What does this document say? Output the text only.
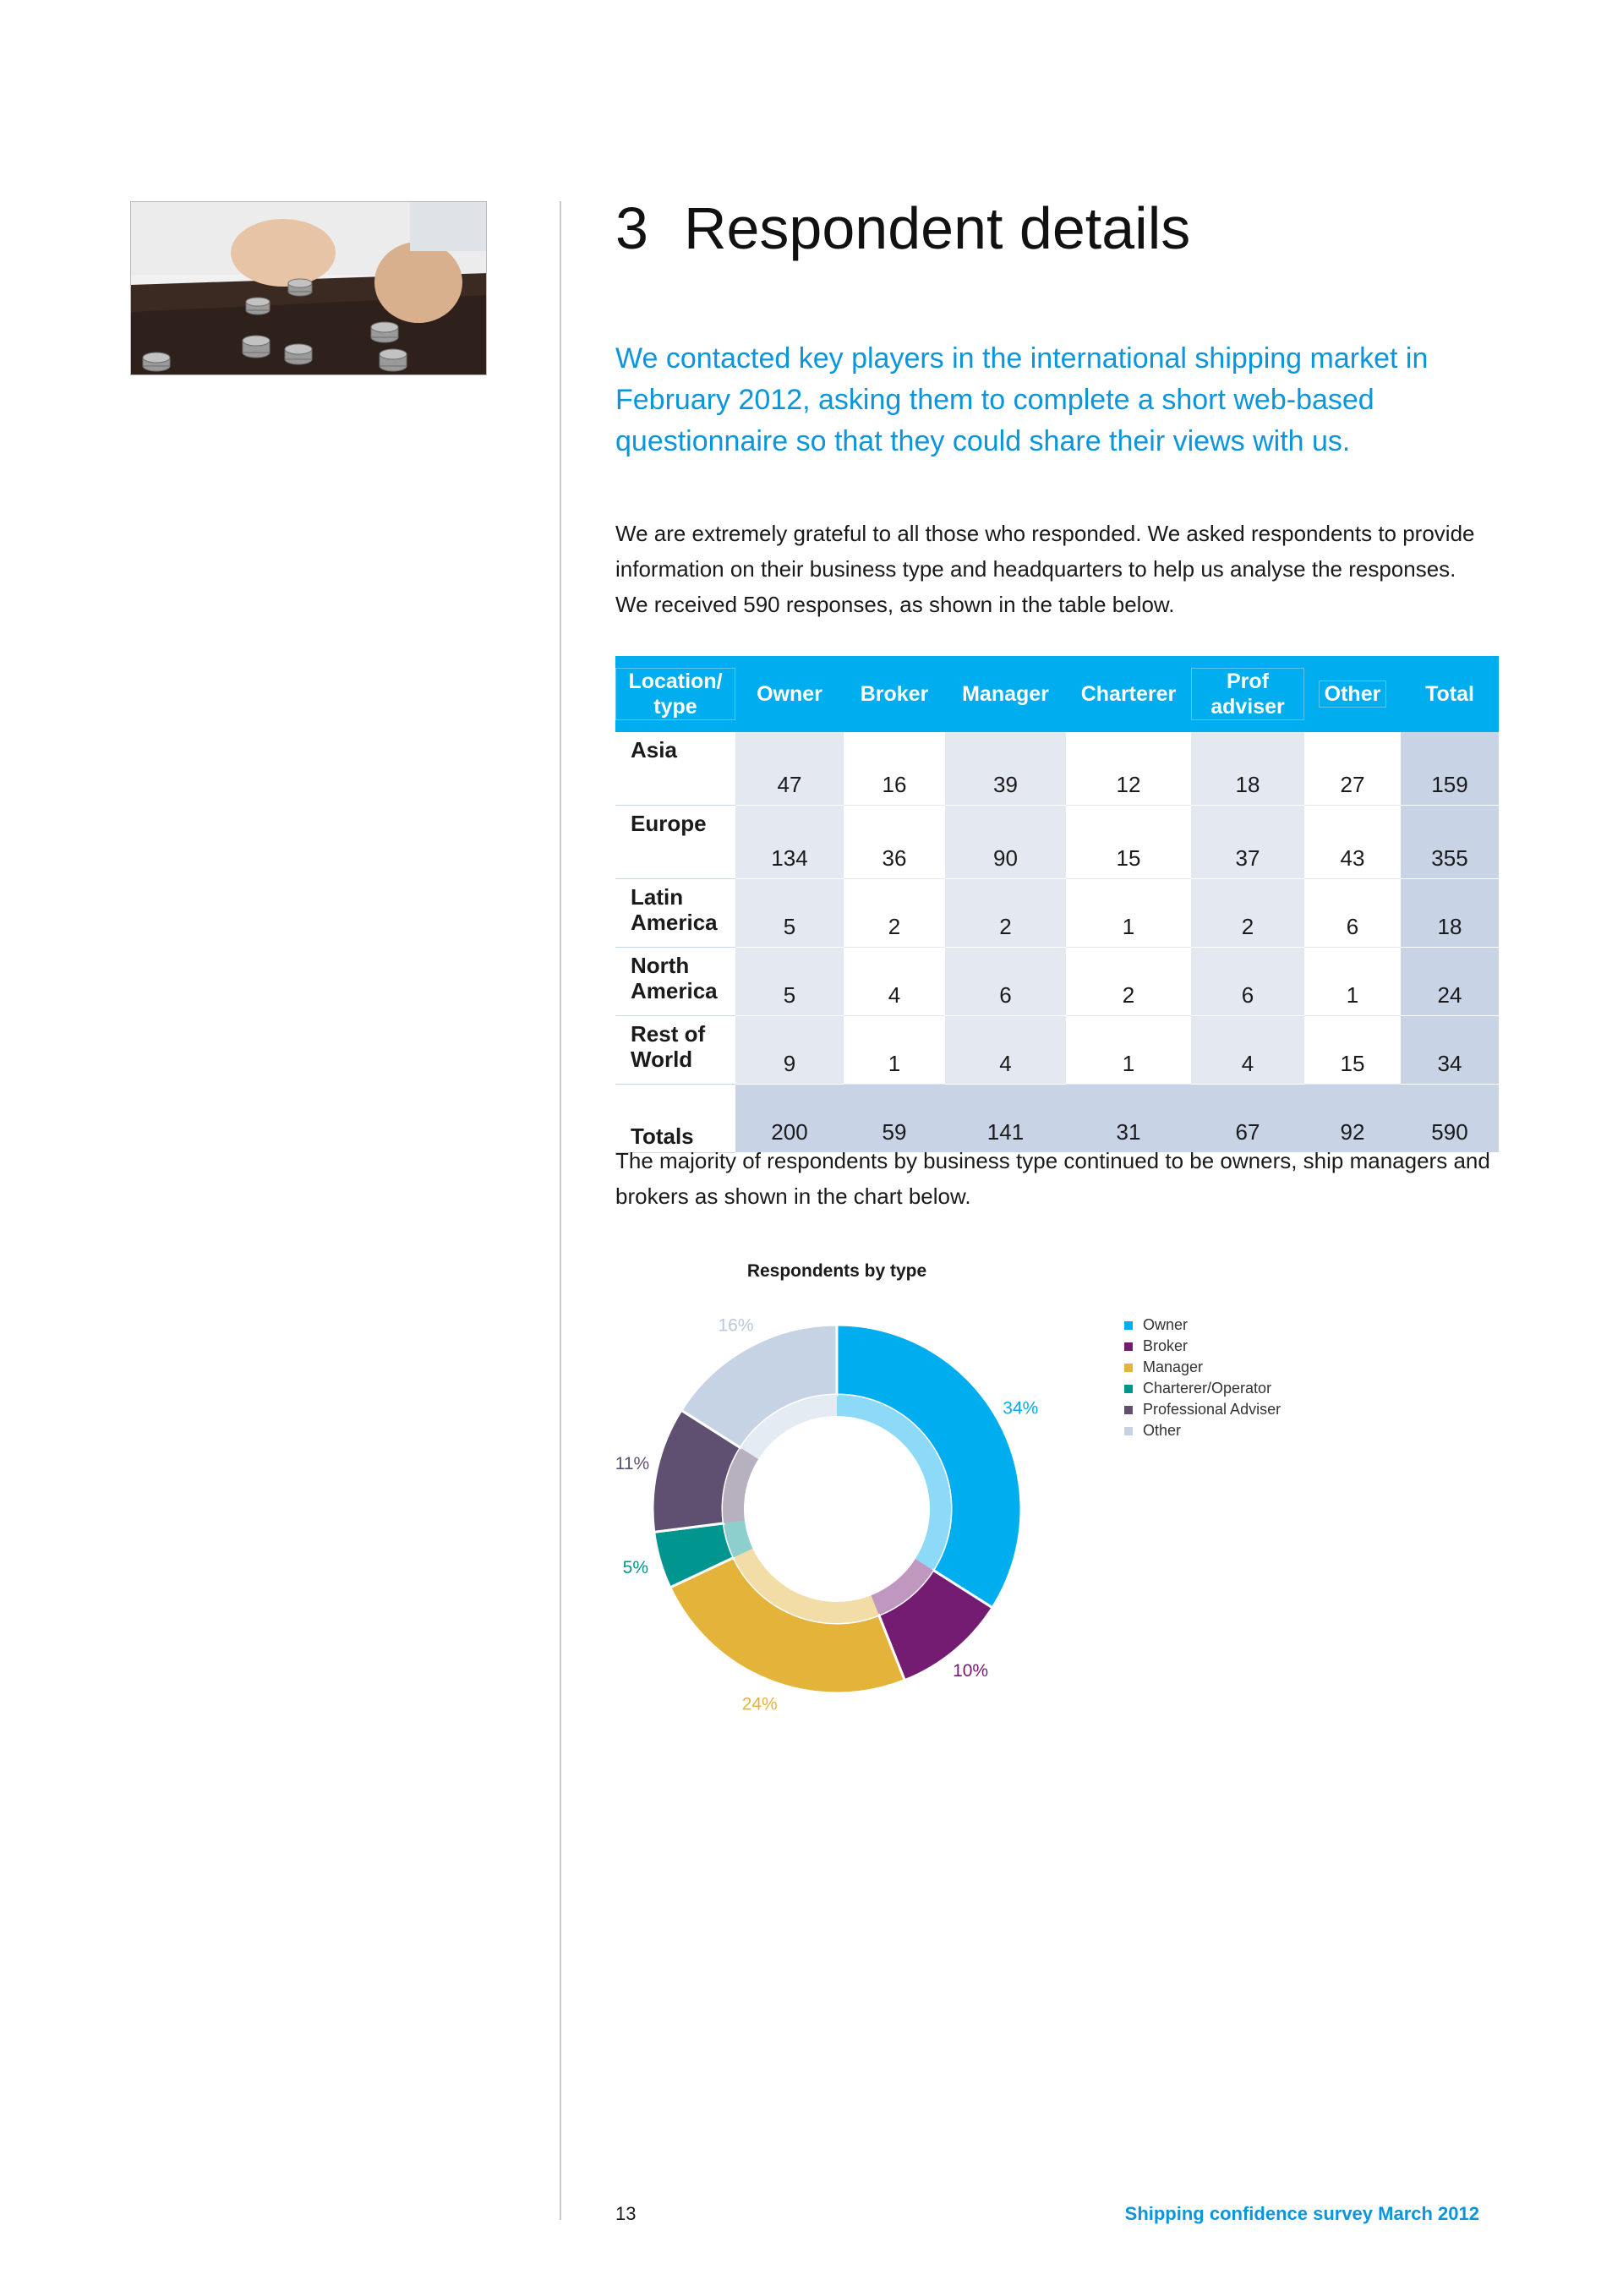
3 Respondent details

We contacted key players in the international shipping market in February 2012, asking them to complete a short web-based questionnaire so that they could share their views with us.

We are extremely grateful to all those who responded. We asked respondents to provide information on their business type and headquarters to help us analyse the responses. We received 590 responses, as shown in the table below.

Location/ type	Owner	Broker	Manager	Charterer	Prof adviser	Other	Total
Asia	47	16	39	12	18	27	159
Europe	134	36	90	15	37	43	355
Latin America	5	2	2	1	2	6	18
North America	5	4	6	2	6	1	24
Rest of World	9	1	4	1	4	15	34
Totals	200	59	141	31	67	92	590

The majority of respondents by business type continued to be owners, ship managers and brokers as shown in the chart below.

Respondents by type

34%
10%
24%
5%
11%
16%	Owner
Broker
Manager
Charterer/Operator
Professional Adviser
Other
13	Shipping confidence survey March 2012
